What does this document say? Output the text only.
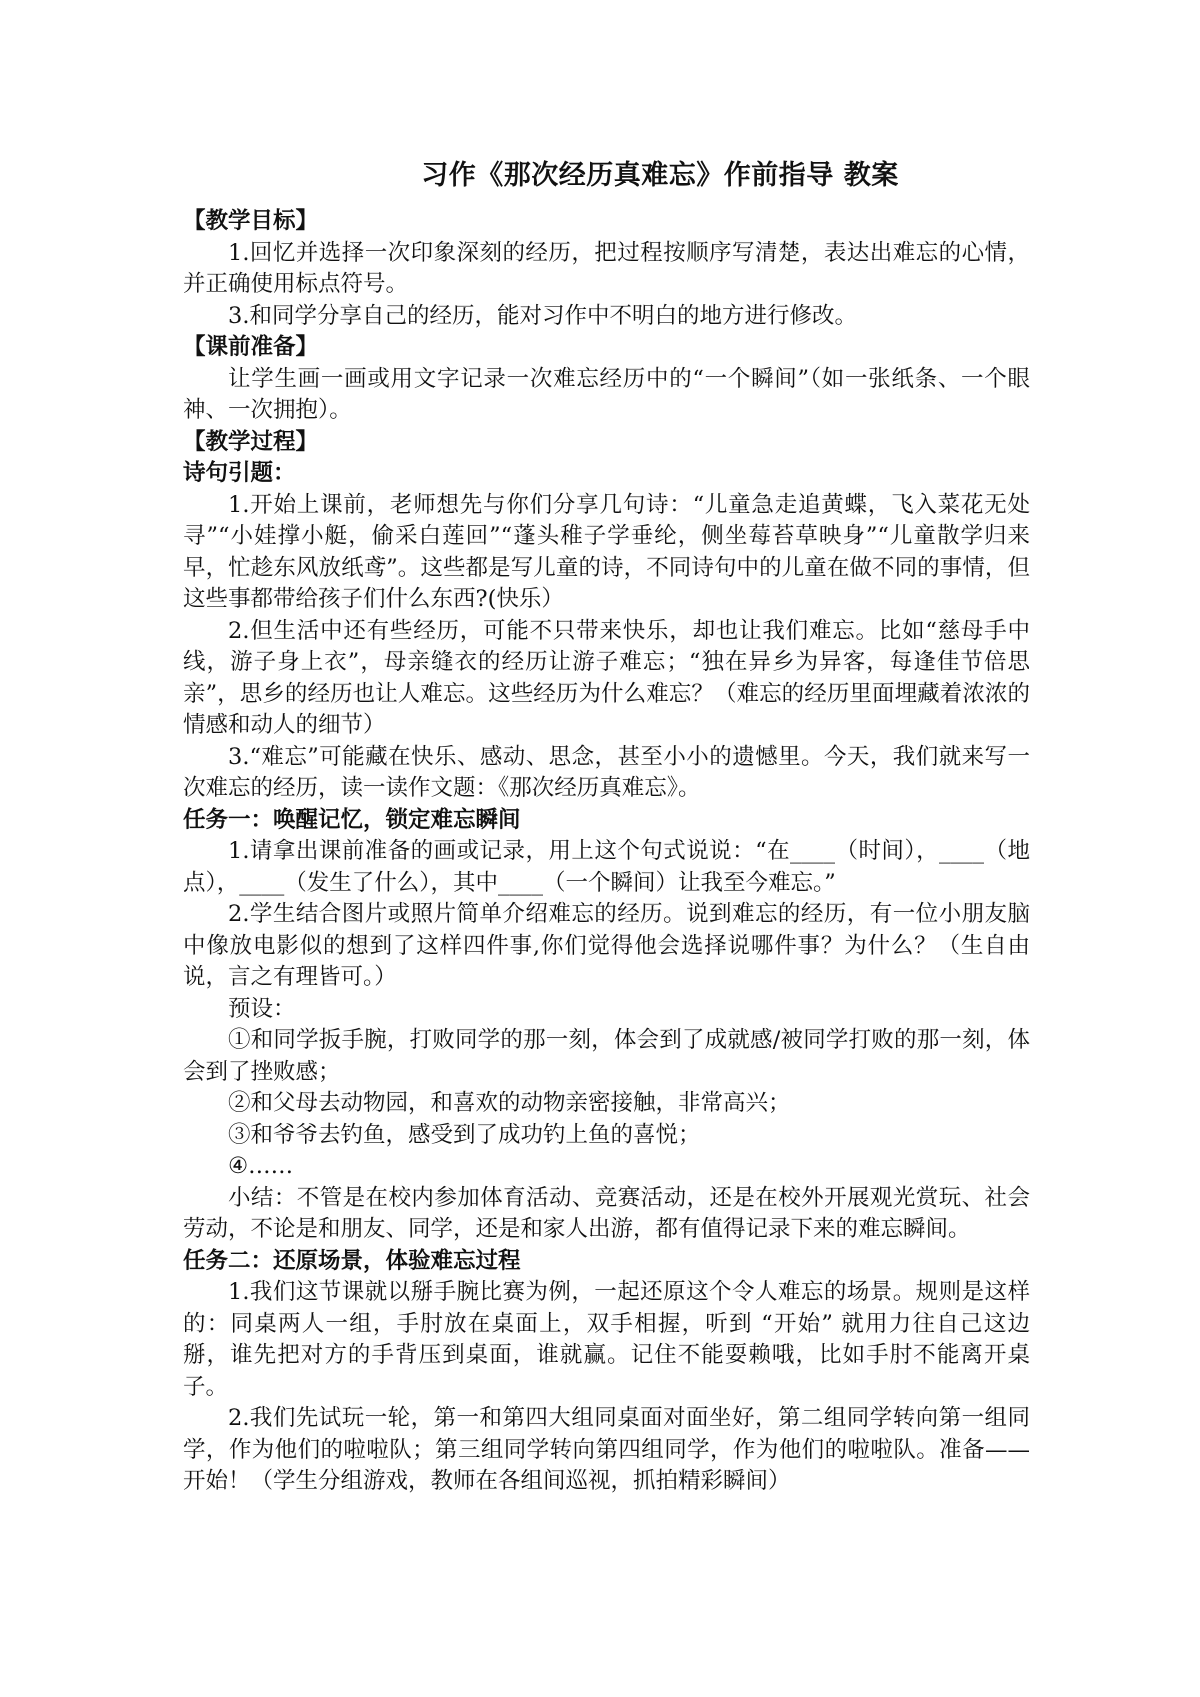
习作《那次经历真难忘》作前指导 教案

【教学目标】

1.回忆并选择一次印象深刻的经历，把过程按顺序写清楚，表达出难忘的心情，并正确使用标点符号。

3.和同学分享自己的经历，能对习作中不明白的地方进行修改。

【课前准备】

让学生画一画或用文字记录一次难忘经历中的“一个瞬间”（如一张纸条、一个眼神、一次拥抱）。

【教学过程】

诗句引题：

1.开始上课前，老师想先与你们分享几句诗：“儿童急走追黄蝶，飞入菜花无处寻”“小娃撑小艇，偷采白莲回”“蓬头稚子学垂纶，侧坐莓苔草映身”“儿童散学归来早，忙趁东风放纸鸢”。这些都是写儿童的诗，不同诗句中的儿童在做不同的事情，但这些事都带给孩子们什么东西?(快乐）

2.但生活中还有些经历，可能不只带来快乐，却也让我们难忘。比如“慈母手中线，游子身上衣”，母亲缝衣的经历让游子难忘；“独在异乡为异客，每逢佳节倍思亲”，思乡的经历也让人难忘。这些经历为什么难忘？（难忘的经历里面埋藏着浓浓的情感和动人的细节）

3.“难忘”可能藏在快乐、感动、思念，甚至小小的遗憾里。今天，我们就来写一次难忘的经历，读一读作文题：《那次经历真难忘》。

任务一：唤醒记忆，锁定难忘瞬间

1.请拿出课前准备的画或记录，用上这个句式说说：“在____（时间），____（地点），____（发生了什么），其中____（一个瞬间）让我至今难忘。”

2.学生结合图片或照片简单介绍难忘的经历。说到难忘的经历，有一位小朋友脑中像放电影似的想到了这样四件事,你们觉得他会选择说哪件事？为什么？（生自由说，言之有理皆可。）

预设：

①和同学扳手腕，打败同学的那一刻，体会到了成就感/被同学打败的那一刻，体会到了挫败感；

②和父母去动物园，和喜欢的动物亲密接触，非常高兴；

③和爷爷去钓鱼，感受到了成功钓上鱼的喜悦；

④……

小结：不管是在校内参加体育活动、竞赛活动，还是在校外开展观光赏玩、社会劳动，不论是和朋友、同学，还是和家人出游，都有值得记录下来的难忘瞬间。

任务二：还原场景，体验难忘过程

1.我们这节课就以掰手腕比赛为例，一起还原这个令人难忘的场景。规则是这样的：同桌两人一组，手肘放在桌面上，双手相握，听到 “开始” 就用力往自己这边掰，谁先把对方的手背压到桌面，谁就赢。记住不能耍赖哦，比如手肘不能离开桌子。

2.我们先试玩一轮，第一和第四大组同桌面对面坐好，第二组同学转向第一组同学，作为他们的啦啦队；第三组同学转向第四组同学，作为他们的啦啦队。准备——开始！（学生分组游戏，教师在各组间巡视，抓拍精彩瞬间）
